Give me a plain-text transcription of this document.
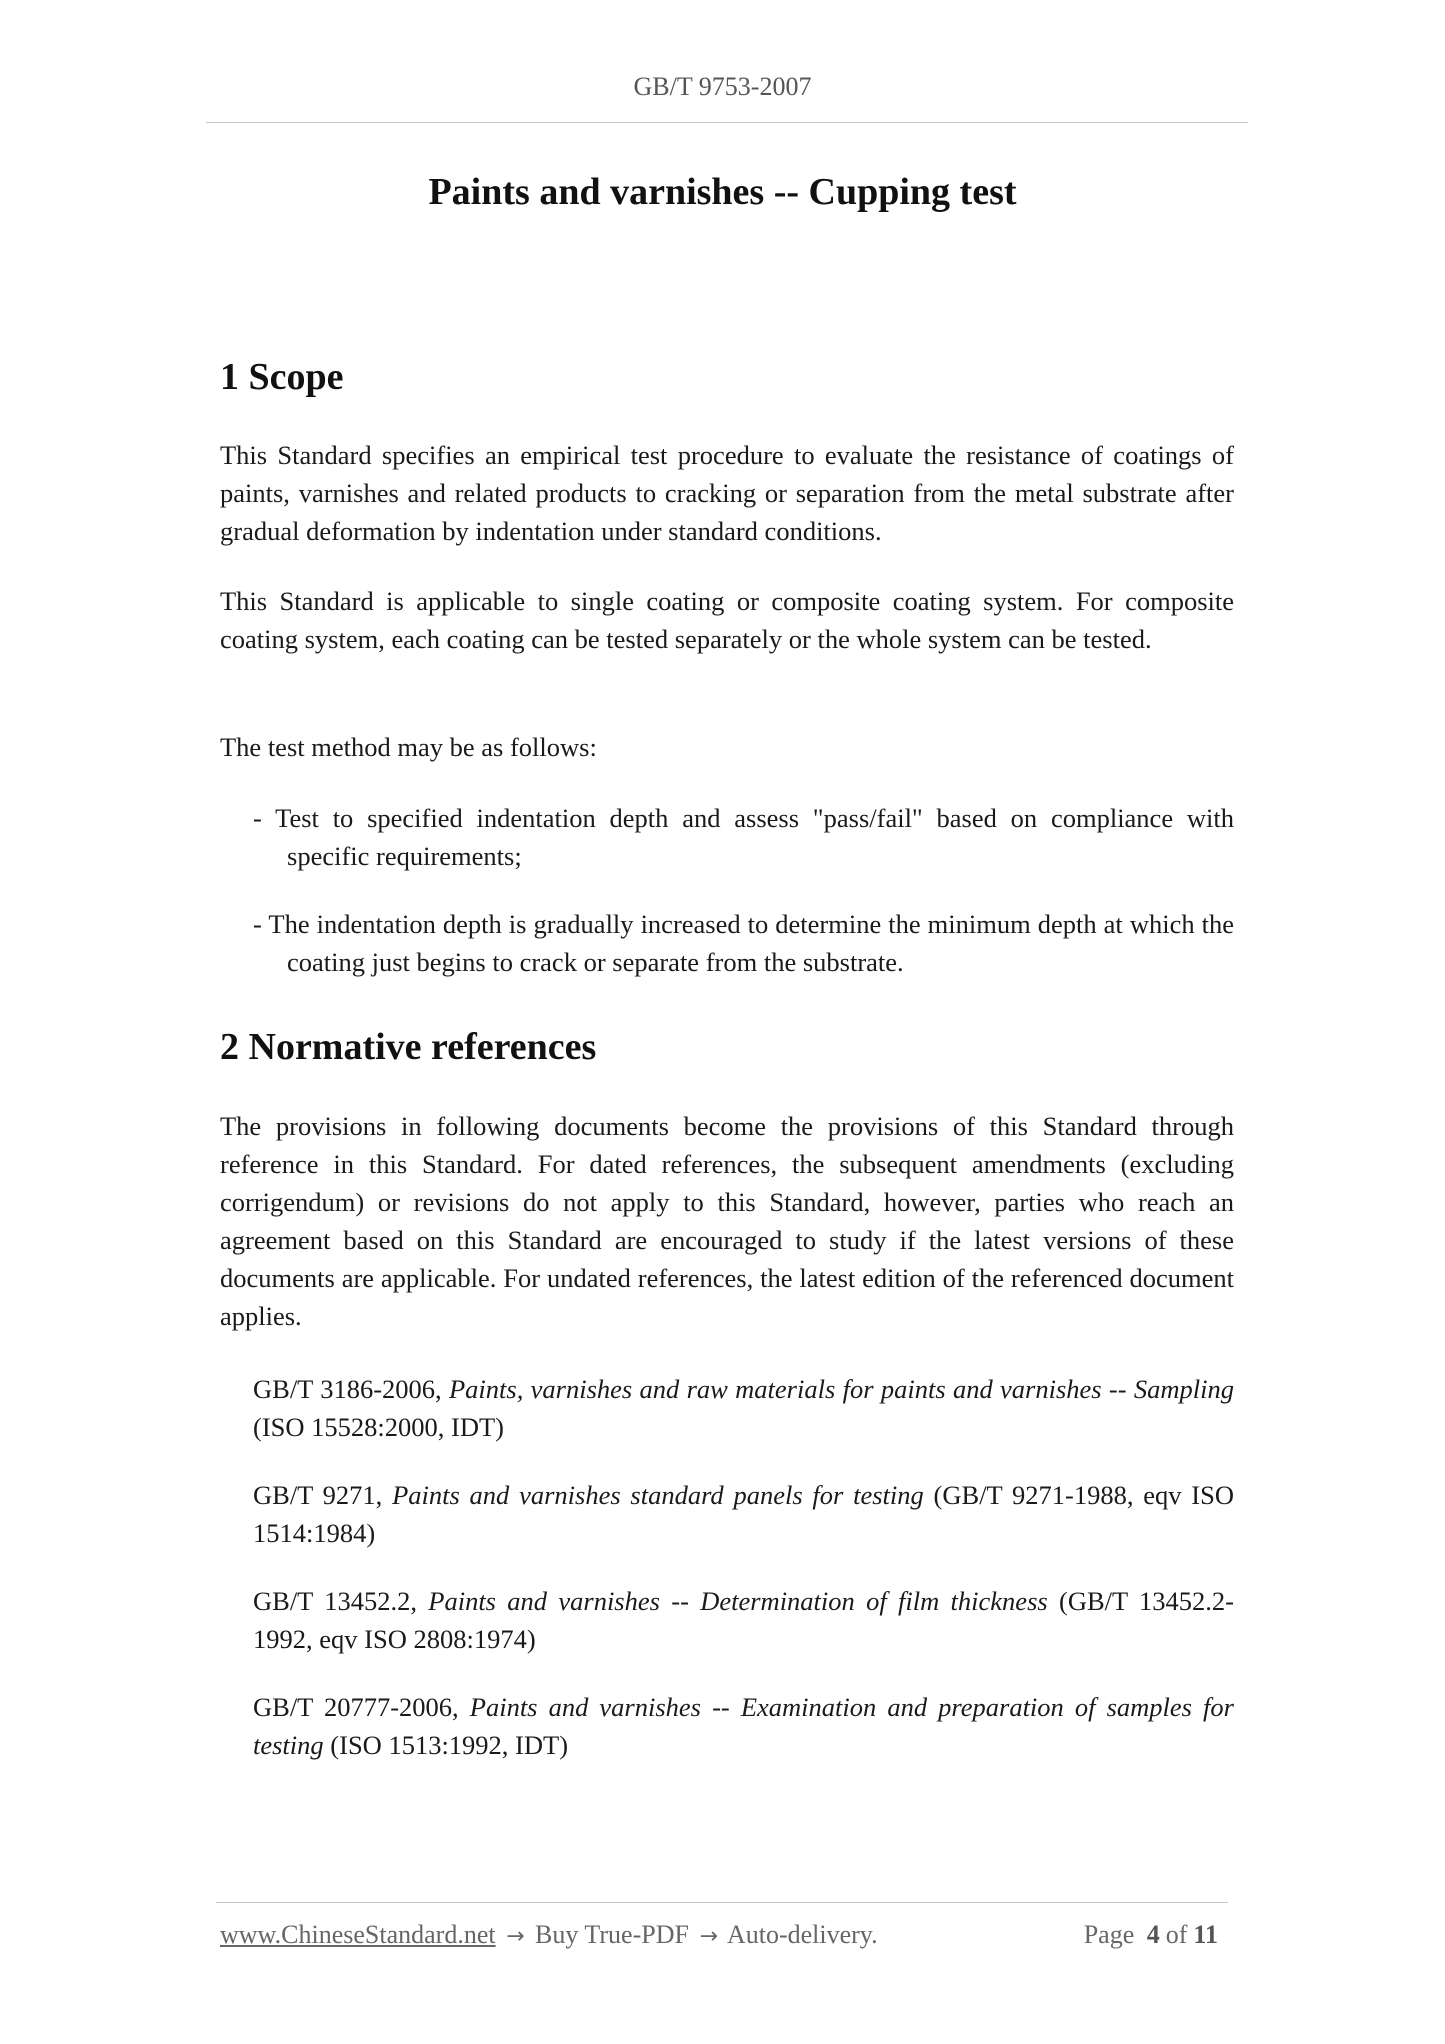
GB/T 9753-2007
Paints and varnishes -- Cupping test
1 Scope
This Standard specifies an empirical test procedure to evaluate the resistance of coatings of paints, varnishes and related products to cracking or separation from the metal substrate after gradual deformation by indentation under standard conditions.
This Standard is applicable to single coating or composite coating system. For composite coating system, each coating can be tested separately or the whole system can be tested.
The test method may be as follows:
- Test to specified indentation depth and assess "pass/fail" based on compliance with specific requirements;
- The indentation depth is gradually increased to determine the minimum depth at which the coating just begins to crack or separate from the substrate.
2 Normative references
The provisions in following documents become the provisions of this Standard through reference in this Standard. For dated references, the subsequent amendments (excluding corrigendum) or revisions do not apply to this Standard, however, parties who reach an agreement based on this Standard are encouraged to study if the latest versions of these documents are applicable. For undated references, the latest edition of the referenced document applies.
GB/T 3186-2006, Paints, varnishes and raw materials for paints and varnishes -- Sampling (ISO 15528:2000, IDT)
GB/T 9271, Paints and varnishes standard panels for testing (GB/T 9271-1988, eqv ISO 1514:1984)
GB/T 13452.2, Paints and varnishes -- Determination of film thickness (GB/T 13452.2-1992, eqv ISO 2808:1974)
GB/T 20777-2006, Paints and varnishes -- Examination and preparation of samples for testing (ISO 1513:1992, IDT)
www.ChineseStandard.net → Buy True-PDF → Auto-delivery.	Page 4 of 11
